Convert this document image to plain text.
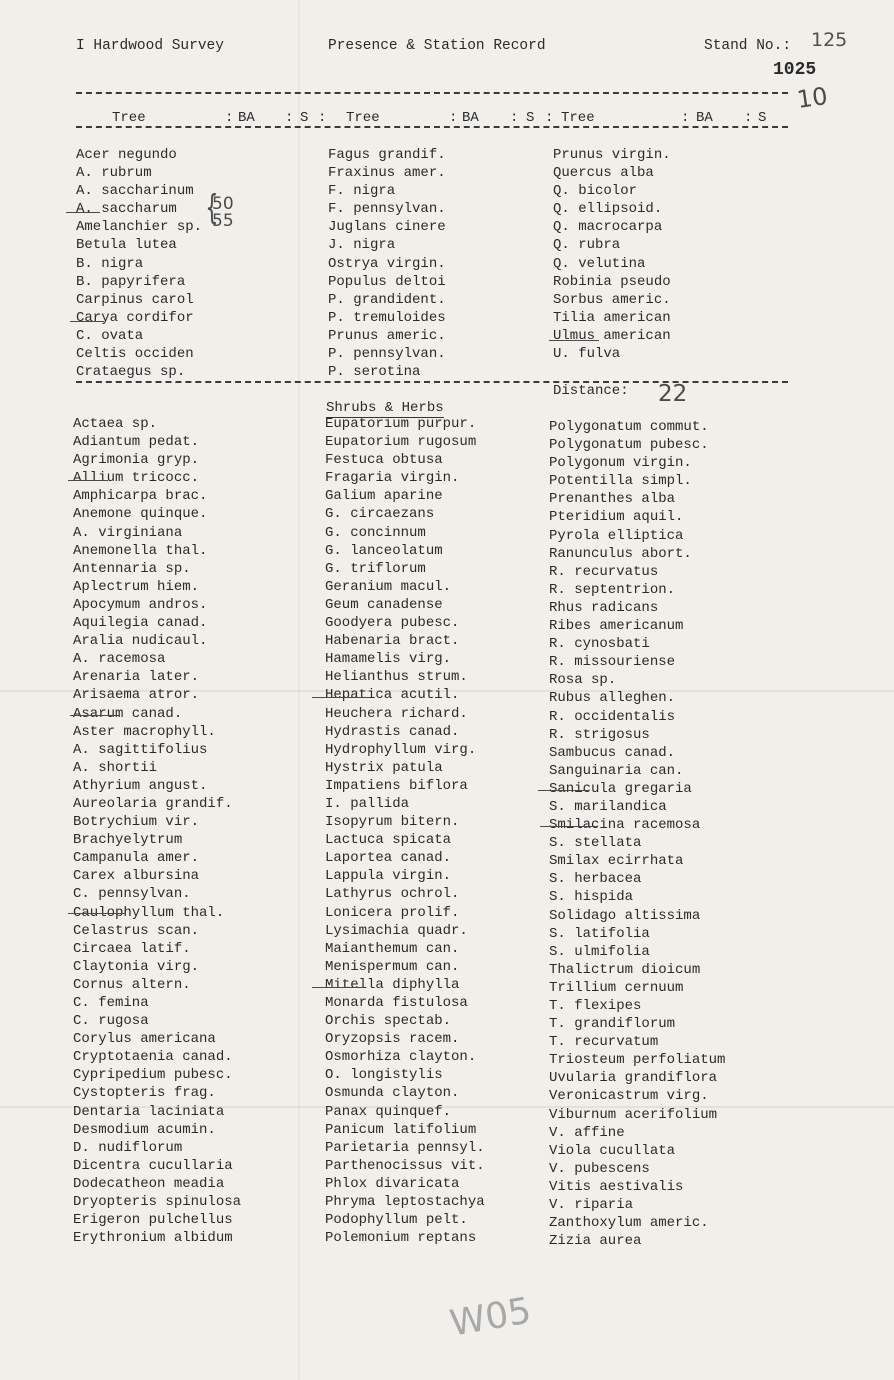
I Hardwood Survey	Presence & Station Record	Stand No.: 125
1025
10
Tree	: BA : S : Tree	: BA : S : Tree	: BA : S
Acer negundo
A. rubrum
A. saccharinum
A. saccharum
Amelanchier sp.
Betula lutea
B. nigra
B. papyrifera
Carpinus carol
Carya cordifor
C. ovata
Celtis occiden
Crataegus sp.
Fagus grandif.
Fraxinus amer.
F. nigra
F. pennsylvan.
Juglans cinere
J. nigra
Ostrya virgin.
Populus deltoi
P. grandident.
P. tremuloides
Prunus americ.
P. pennsylvan.
P. serotina
Prunus virgin.
Quercus alba
Q. bicolor
Q. ellipsoid.
Q. macrocarpa
Q. rubra
Q. velutina
Robinia pseudo
Sorbus americ.
Tilia american
Ulmus american
U. fulva
50
55
{
Distance: 22
Shrubs & Herbs
Actaea sp.
Adiantum pedat.
Agrimonia gryp.
Allium tricocc.
Amphicarpa brac.
Anemone quinque.
A. virginiana
Anemonella thal.
Antennaria sp.
Aplectrum hiem.
Apocymum andros.
Aquilegia canad.
Aralia nudicaul.
A. racemosa
Arenaria later.
Arisaema atror.
Asarum canad.
Aster macrophyll.
A. sagittifolius
A. shortii
Athyrium angust.
Aureolaria grandif.
Botrychium vir.
Brachyelytrum
Campanula amer.
Carex albursina
C. pennsylvan.
Caulophyllum thal.
Celastrus scan.
Circaea latif.
Claytonia virg.
Cornus altern.
C. femina
C. rugosa
Corylus americana
Cryptotaenia canad.
Cypripedium pubesc.
Cystopteris frag.
Dentaria laciniata
Desmodium acumin.
D. nudiflorum
Dicentra cucullaria
Dodecatheon meadia
Dryopteris spinulosa
Erigeron pulchellus
Erythronium albidum
Eupatorium purpur.
Eupatorium rugosum
Festuca obtusa
Fragaria virgin.
Galium aparine
G. circaezans
G. concinnum
G. lanceolatum
G. triflorum
Geranium macul.
Geum canadense
Goodyera pubesc.
Habenaria bract.
Hamamelis virg.
Helianthus strum.
Hepatica acutil.
Heuchera richard.
Hydrastis canad.
Hydrophyllum virg.
Hystrix patula
Impatiens biflora
I. pallida
Isopyrum bitern.
Lactuca spicata
Laportea canad.
Lappula virgin.
Lathyrus ochrol.
Lonicera prolif.
Lysimachia quadr.
Maianthemum can.
Menispermum can.
Mitella diphylla
Monarda fistulosa
Orchis spectab.
Oryzopsis racem.
Osmorhiza clayton.
O. longistylis
Osmunda clayton.
Panax quinquef.
Panicum latifolium
Parietaria pennsyl.
Parthenocissus vit.
Phlox divaricata
Phryma leptostachya
Podophyllum pelt.
Polemonium reptans
Polygonatum commut.
Polygonatum pubesc.
Polygonum virgin.
Potentilla simpl.
Prenanthes alba
Pteridium aquil.
Pyrola elliptica
Ranunculus abort.
R. recurvatus
R. septentrion.
Rhus radicans
Ribes americanum
R. cynosbati
R. missouriense
Rosa sp.
Rubus alleghen.
R. occidentalis
R. strigosus
Sambucus canad.
Sanguinaria can.
Sanicula gregaria
S. marilandica
Smilacina racemosa
S. stellata
Smilax ecirrhata
S. herbacea
S. hispida
Solidago altissima
S. latifolia
S. ulmifolia
Thalictrum dioicum
Trillium cernuum
T. flexipes
T. grandiflorum
T. recurvatum
Triosteum perfoliatum
Uvularia grandiflora
Veronicastrum virg.
Viburnum acerifolium
V. affine
Viola cucullata
V. pubescens
Vitis aestivalis
V. riparia
Zanthoxylum americ.
Zizia aurea
W05
